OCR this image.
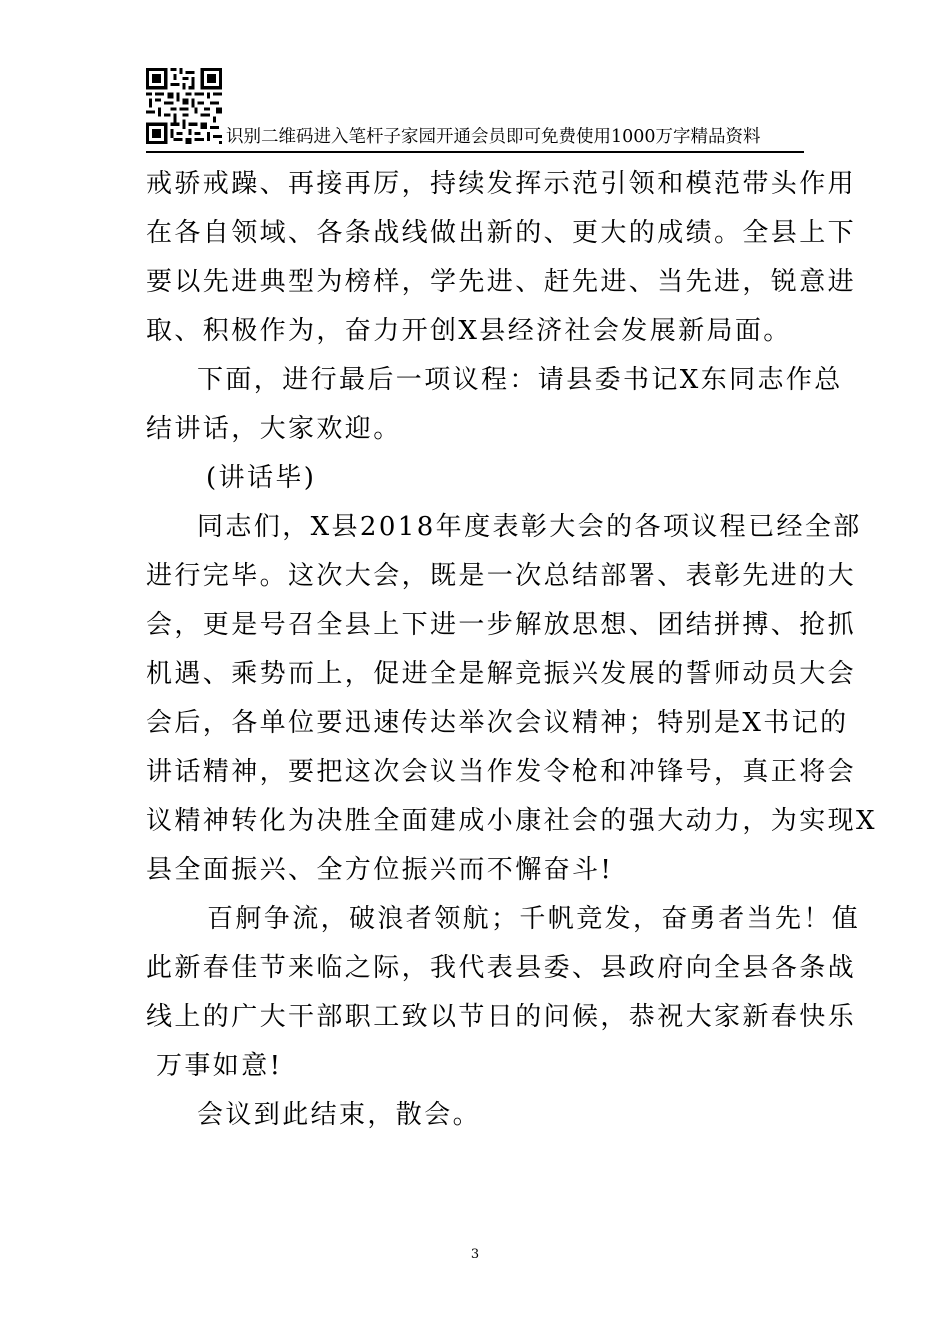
识别二维码进入笔杆子家园开通会员即可免费使用1000万字精品资料
戒骄戒躁、再接再厉，持续发挥示范引领和模范带头作用
在各自领域、各条战线做出新的、更大的成绩。全县上下
要以先进典型为榜样，学先进、赶先进、当先进，锐意进
取、积极作为，奋力开创X县经济社会发展新局面。
下面，进行最后一项议程：请县委书记X东同志作总
结讲话，大家欢迎。
(讲话毕)
同志们，X县2018年度表彰大会的各项议程已经全部
进行完毕。这次大会，既是一次总结部署、表彰先进的大
会，更是号召全县上下进一步解放思想、团结拼搏、抢抓
机遇、乘势而上，促进全是解竞振兴发展的誓师动员大会
会后，各单位要迅速传达举次会议精神；特别是X书记的
讲话精神，要把这次会议当作发令枪和冲锋号，真正将会
议精神转化为决胜全面建成小康社会的强大动力，为实现X
县全面振兴、全方位振兴而不懈奋斗!
百舸争流，破浪者领航；千帆竞发，奋勇者当先！值
此新春佳节来临之际，我代表县委、县政府向全县各条战
线上的广大干部职工致以节日的问候，恭祝大家新春快乐
万事如意!
会议到此结束，散会。
3
